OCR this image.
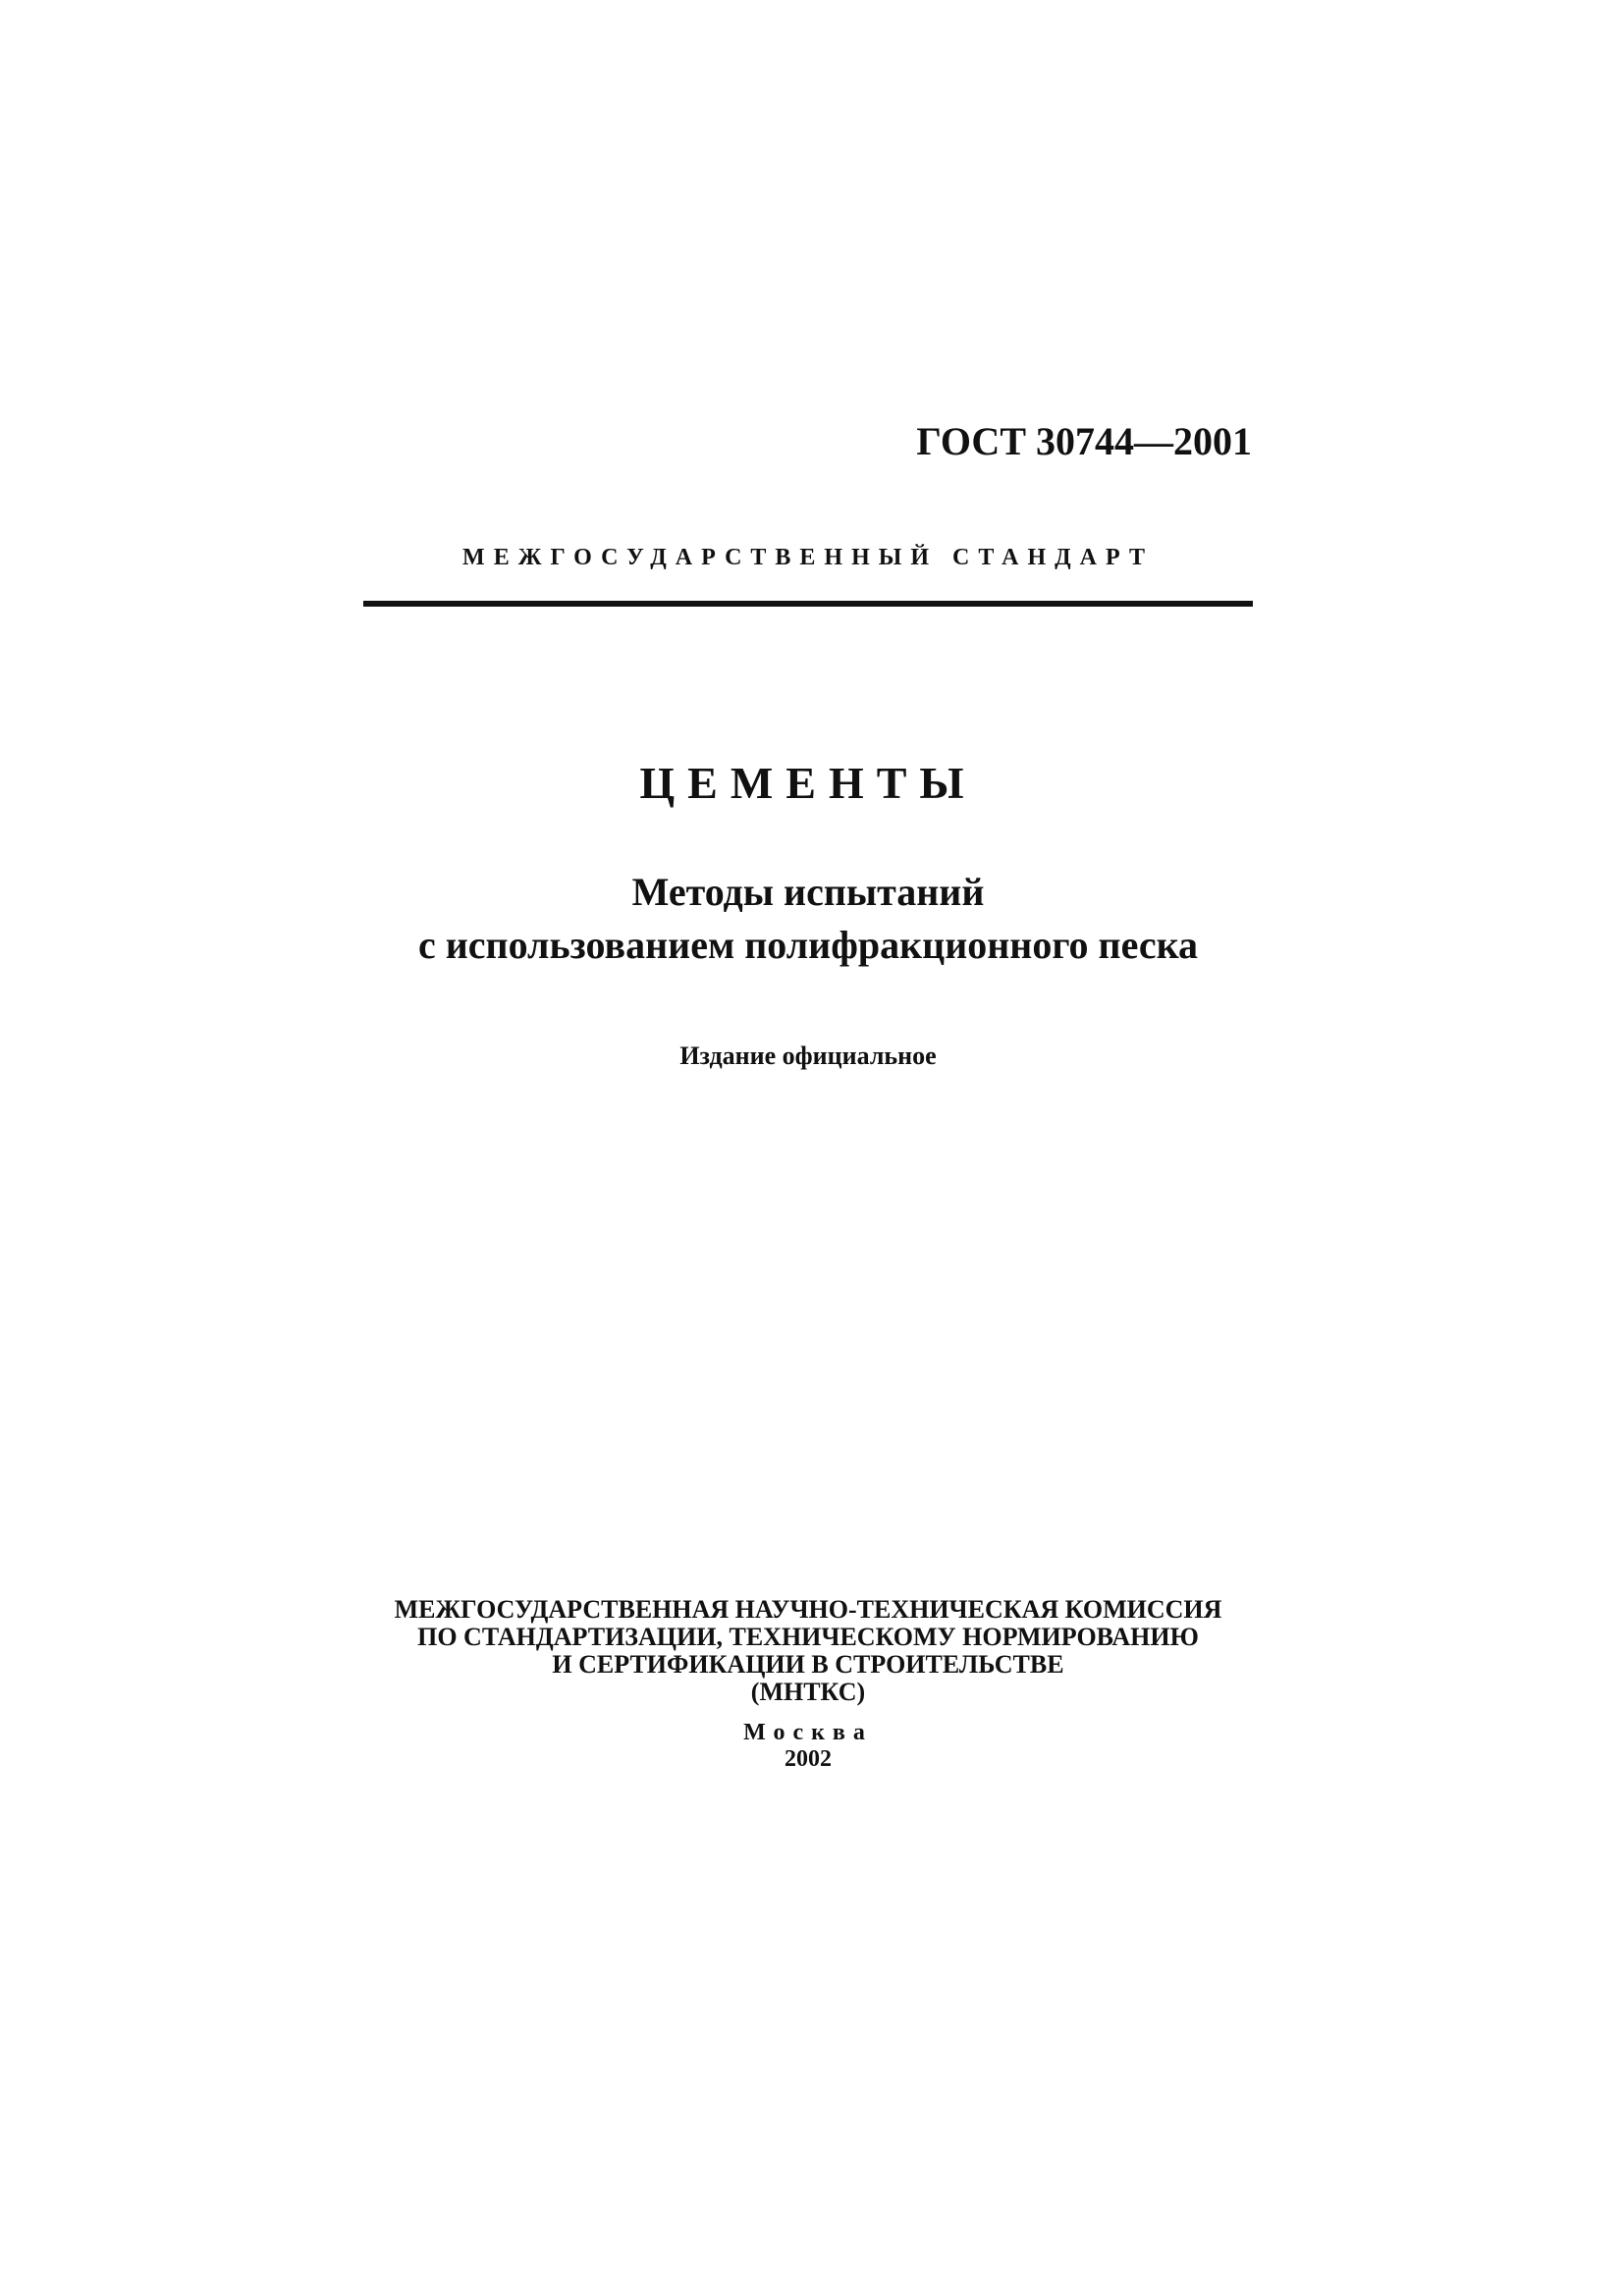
ГОСТ 30744—2001
МЕЖГОСУДАРСТВЕННЫЙ СТАНДАРТ
ЦЕМЕНТЫ
Методы испытаний
с использованием полифракционного песка
Издание официальное
МЕЖГОСУДАРСТВЕННАЯ НАУЧНО-ТЕХНИЧЕСКАЯ КОМИССИЯ
ПО СТАНДАРТИЗАЦИИ, ТЕХНИЧЕСКОМУ НОРМИРОВАНИЮ
И СЕРТИФИКАЦИИ В СТРОИТЕЛЬСТВЕ
(МНТКС)
Москва
2002
